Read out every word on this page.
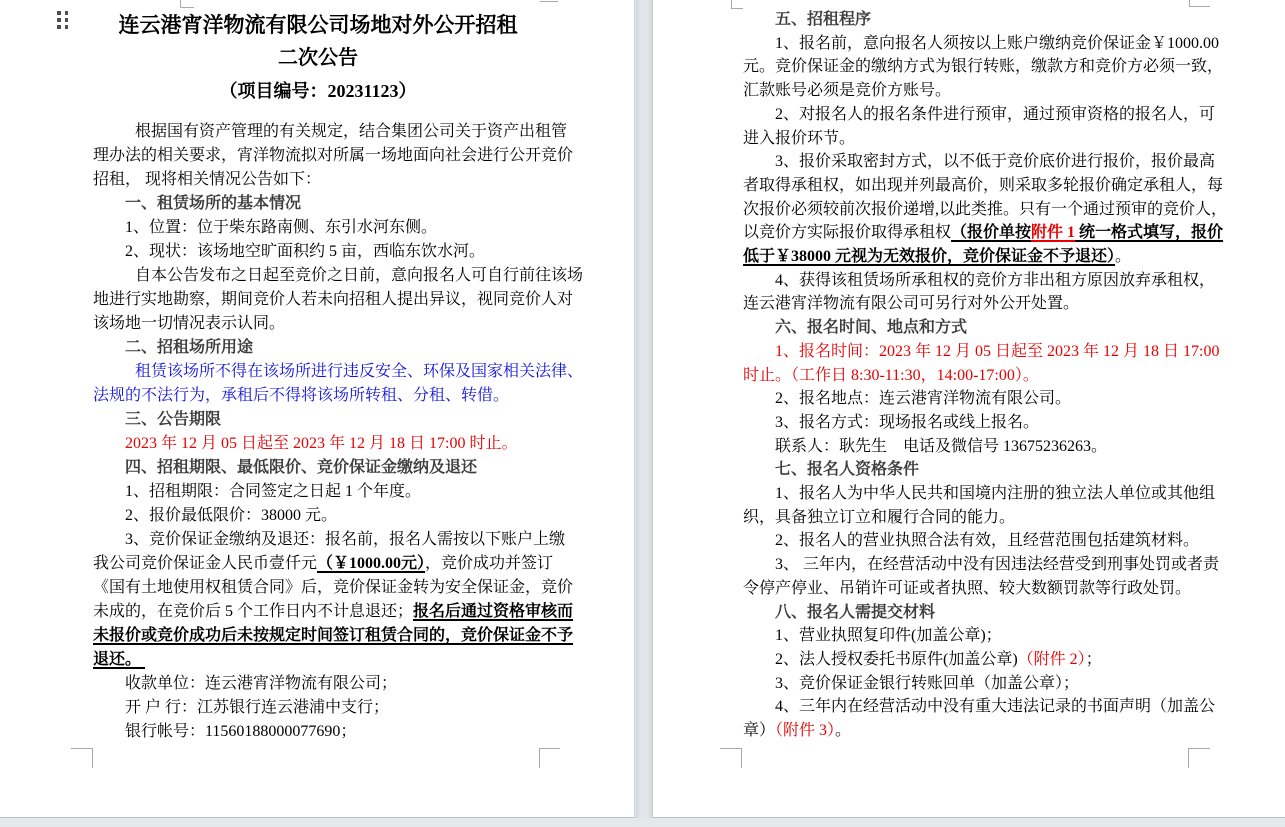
连云港宵洋物流有限公司场地对外公开招租
二次公告
（项目编号：20231123）
根据国有资产管理的有关规定，结合集团公司关于资产出租管
理办法的相关要求，宵洋物流拟对所属一场地面向社会进行公开竞价
招租， 现将相关情况公告如下：
一、租赁场所的基本情况
1、位置：位于柴东路南侧、东引水河东侧。
2、现状：该场地空旷面积约 5 亩，西临东饮水河。
自本公告发布之日起至竞价之日前，意向报名人可自行前往该场
地进行实地勘察，期间竞价人若未向招租人提出异议，视同竞价人对
该场地一切情况表示认同。
二、招租场所用途
租赁该场所不得在该场所进行违反安全、环保及国家相关法律、
法规的不法行为，承租后不得将该场所转租、分租、转借。
三、公告期限
2023 年 12 月 05 日起至 2023 年 12 月 18 日 17:00 时止。
四、招租期限、最低限价、竞价保证金缴纳及退还
1、招租期限：合同签定之日起 1 个年度。
2、报价最低限价：38000 元。
3、竞价保证金缴纳及退还：报名前，报名人需按以下账户上缴
我公司竞价保证金人民币壹仟元（￥1000.00元），竞价成功并签订
《国有土地使用权租赁合同》后，竞价保证金转为安全保证金，竞价
未成的，在竞价后 5 个工作日内不计息退还；报名后通过资格审核而
未报价或竞价成功后未按规定时间签订租赁合同的，竞价保证金不予
退还。
收款单位：连云港宵洋物流有限公司；
开 户 行：江苏银行连云港浦中支行；
银行帐号：11560188000077690；
五、招租程序
1、报名前，意向报名人须按以上账户缴纳竞价保证金￥1000.00
元。竞价保证金的缴纳方式为银行转账，缴款方和竞价方必须一致，
汇款账号必须是竞价方账号。
2、对报名人的报名条件进行预审，通过预审资格的报名人，可
进入报价环节。
3、报价采取密封方式，以不低于竞价底价进行报价，报价最高
者取得承租权，如出现并列最高价，则采取多轮报价确定承租人，每
次报价必须较前次报价递增,以此类推。只有一个通过预审的竞价人，
以竞价方实际报价取得承租权（报价单按附件 1 统一格式填写，报价
低于￥38000 元视为无效报价，竞价保证金不予退还）。
4、获得该租赁场所承租权的竞价方非出租方原因放弃承租权，
连云港宵洋物流有限公司可另行对外公开处置。
六、报名时间、地点和方式
1、报名时间：2023 年 12 月 05 日起至 2023 年 12 月 18 日 17:00
时止。（工作日 8:30-11:30，14:00-17:00）。
2、报名地点：连云港宵洋物流有限公司。
3、报名方式：现场报名或线上报名。
联系人：耿先生　电话及微信号 13675236263。
七、报名人资格条件
1、报名人为中华人民共和国境内注册的独立法人单位或其他组
织，具备独立订立和履行合同的能力。
2、报名人的营业执照合法有效，且经营范围包括建筑材料。
3、 三年内，在经营活动中没有因违法经营受到刑事处罚或者责
令停产停业、吊销许可证或者执照、较大数额罚款等行政处罚。
八、报名人需提交材料
1、营业执照复印件(加盖公章)；
2、法人授权委托书原件(加盖公章)（附件 2）；
3、竞价保证金银行转账回单（加盖公章）；
4、三年内在经营活动中没有重大违法记录的书面声明（加盖公
章）（附件 3）。
